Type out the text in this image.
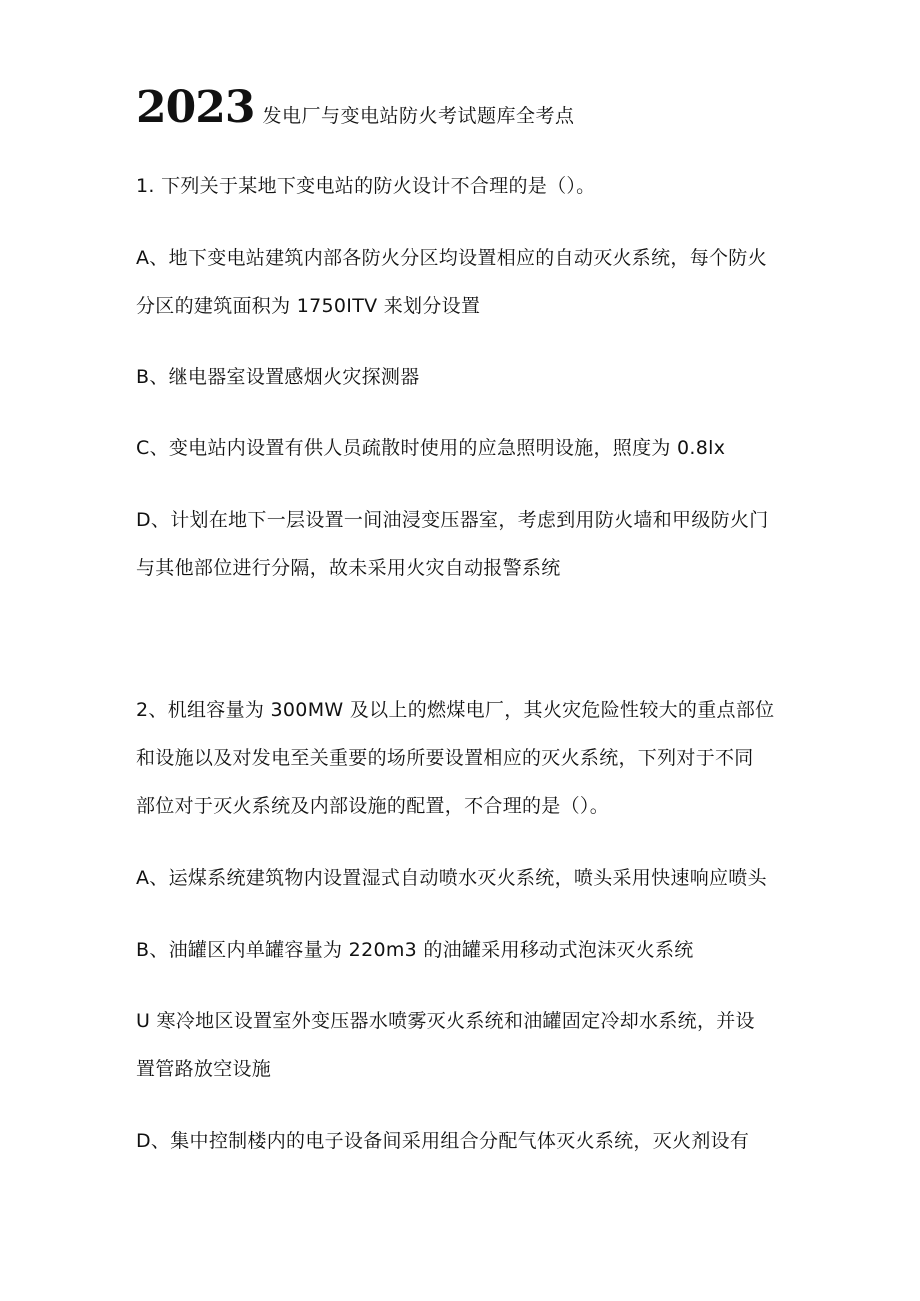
2023 发电厂与变电站防火考试题库全考点
1. 下列关于某地下变电站的防火设计不合理的是（）。
A、地下变电站建筑内部各防火分区均设置相应的自动灭火系统，每个防火
分区的建筑面积为 1750ITV 来划分设置
B、继电器室设置感烟火灾探测器
C、变电站内设置有供人员疏散时使用的应急照明设施，照度为 0.8lx
D、计划在地下一层设置一间油浸变压器室，考虑到用防火墙和甲级防火门
与其他部位进行分隔，故未采用火灾自动报警系统
2、机组容量为 300MW 及以上的燃煤电厂，其火灾危险性较大的重点部位
和设施以及对发电至关重要的场所要设置相应的灭火系统，下列对于不同
部位对于灭火系统及内部设施的配置，不合理的是（）。
A、运煤系统建筑物内设置湿式自动喷水灭火系统，喷头采用快速响应喷头
B、油罐区内单罐容量为 220m3 的油罐采用移动式泡沫灭火系统
U 寒冷地区设置室外变压器水喷雾灭火系统和油罐固定冷却水系统，并设
置管路放空设施
D、集中控制楼内的电子设备间采用组合分配气体灭火系统，灭火剂设有
